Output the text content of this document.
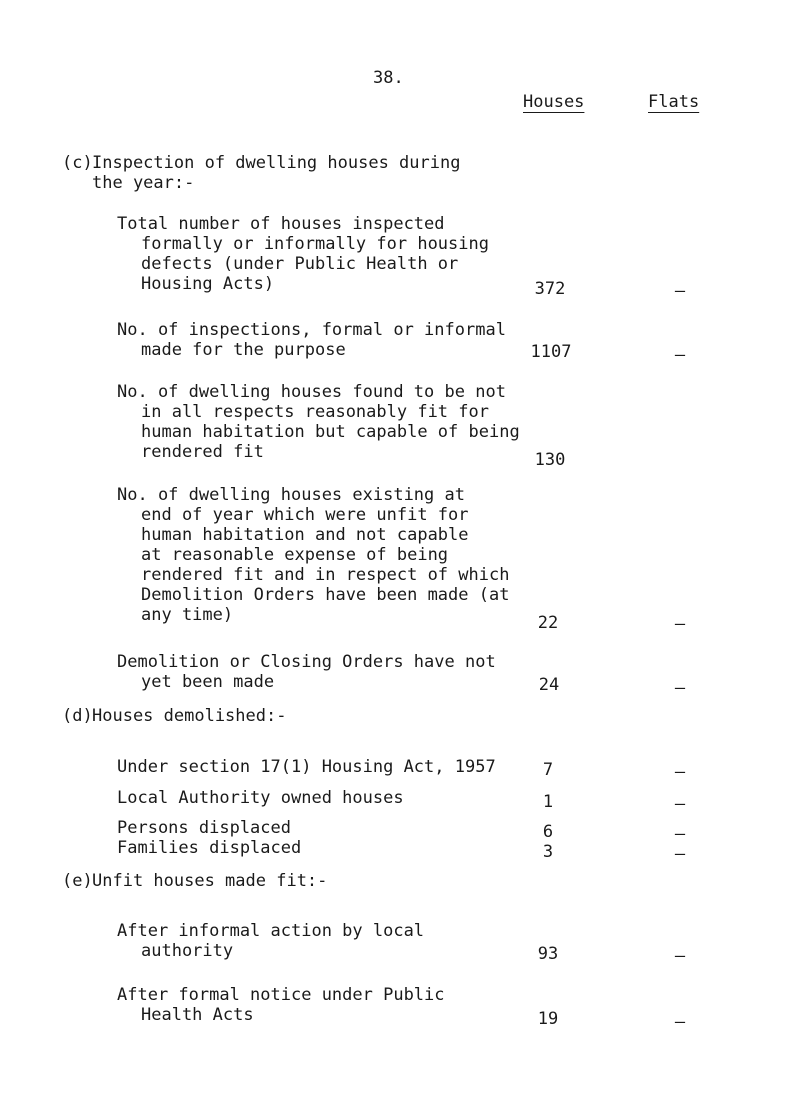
38.
Houses	Flats
(c) Inspection of dwelling houses during
the year:-
Total number of houses inspected
formally or informally for housing
defects (under Public Health or
Housing Acts)	372	–
No. of inspections, formal or informal
made for the purpose	1107	–
No. of dwelling houses found to be not
in all respects reasonably fit for
human habitation but capable of being
rendered fit	130
No. of dwelling houses existing at
end of year which were unfit for
human habitation and not capable
at reasonable expense of being
rendered fit and in respect of which
Demolition Orders have been made (at
any time)	22	–
Demolition or Closing Orders have not
yet been made	24	–
(d) Houses demolished:-
Under section 17(1) Housing Act, 1957	7	–
Local Authority owned houses	1	–
Persons displaced	6	–
Families displaced	3	–
(e) Unfit houses made fit:-
After informal action by local
authority	93	–
After formal notice under Public
Health Acts	19	–
